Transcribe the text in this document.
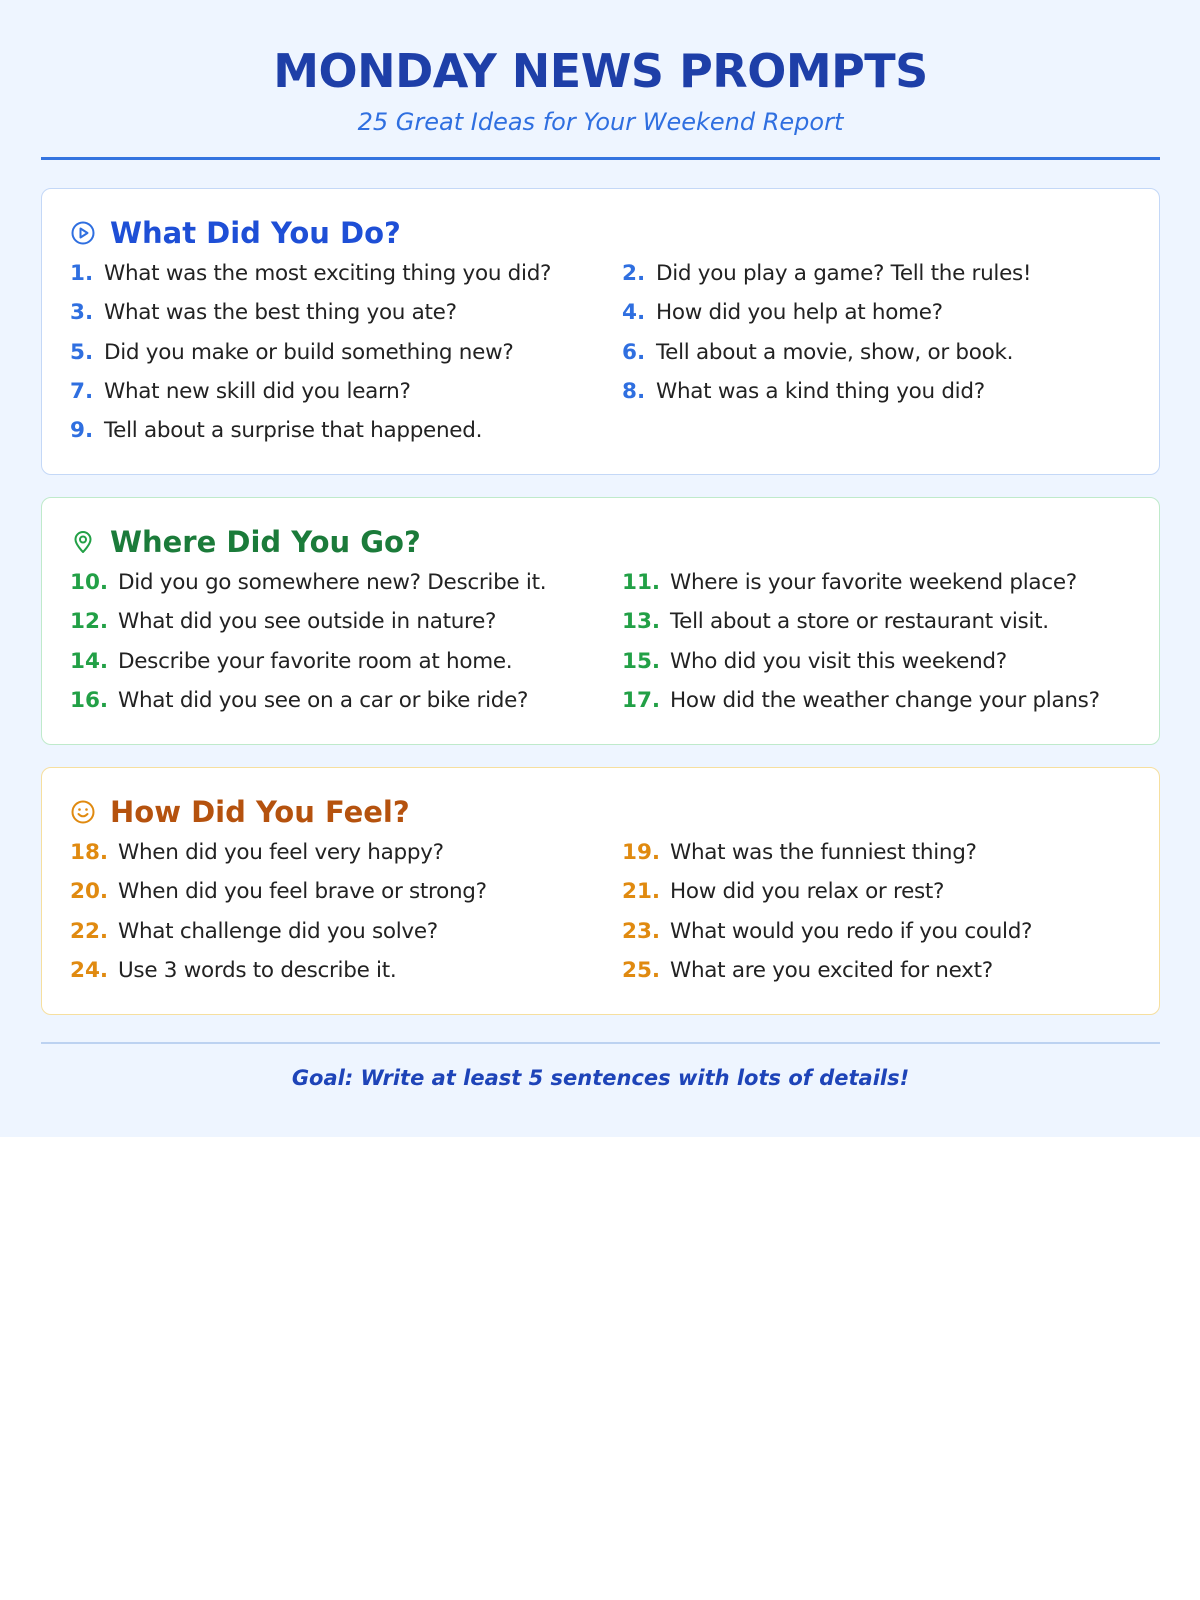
MONDAY NEWS PROMPTS
25 Great Ideas for Your Weekend Report
What Did You Do?
1. What was the most exciting thing you did?	2. Did you play a game? Tell the rules!
3. What was the best thing you ate?	4. How did you help at home?
5. Did you make or build something new?	6. Tell about a movie, show, or book.
7. What new skill did you learn?	8. What was a kind thing you did?
9. Tell about a surprise that happened.
Where Did You Go?
10. Did you go somewhere new? Describe it.	11. Where is your favorite weekend place?
12. What did you see outside in nature?	13. Tell about a store or restaurant visit.
14. Describe your favorite room at home.	15. Who did you visit this weekend?
16. What did you see on a car or bike ride?	17. How did the weather change your plans?
How Did You Feel?
18. When did you feel very happy?	19. What was the funniest thing?
20. When did you feel brave or strong?	21. How did you relax or rest?
22. What challenge did you solve?	23. What would you redo if you could?
24. Use 3 words to describe it.	25. What are you excited for next?
Goal: Write at least 5 sentences with lots of details!
